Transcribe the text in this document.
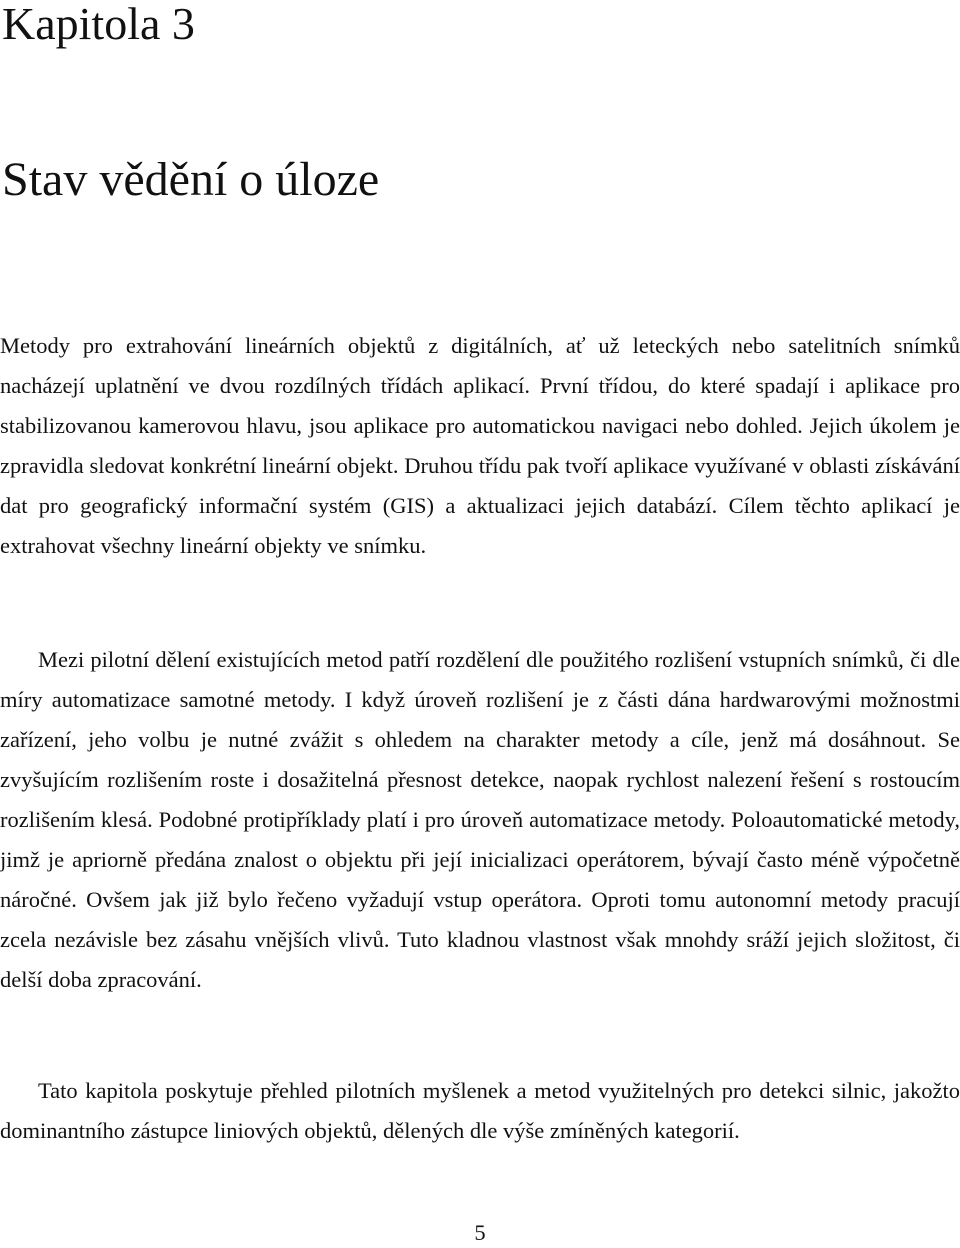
Kapitola 3
Stav vědění o úloze

Metody pro extrahování lineárních objektů z digitálních, ať už leteckých nebo satelitních snímků nacházejí uplatnění ve dvou rozdílných třídách aplikací. První třídou, do které spadají i aplikace pro stabilizovanou kamerovou hlavu, jsou aplikace pro automatickou navigaci nebo dohled. Jejich úkolem je zpravidla sledovat konkrétní lineární objekt. Druhou třídu pak tvoří aplikace využívané v oblasti získávání dat pro geografický informační systém (GIS) a aktualizaci jejich databází. Cílem těchto aplikací je extrahovat všechny lineární objekty ve snímku.

Mezi pilotní dělení existujících metod patří rozdělení dle použitého rozlišení vstupních snímků, či dle míry automatizace samotné metody. I když úroveň rozlišení je z části dána hardwarovými možnostmi zařízení, jeho volbu je nutné zvážit s ohledem na charakter metody a cíle, jenž má dosáhnout. Se zvyšujícím rozlišením roste i dosažitelná přesnost detekce, naopak rychlost nalezení řešení s rostoucím rozlišením klesá. Podobné protipříklady platí i pro úroveň automatizace metody. Poloautomatické metody, jimž je apriorně předána znalost o objektu při její inicializaci operátorem, bývají často méně výpočetně náročné. Ovšem jak již bylo řečeno vyžadují vstup operátora. Oproti tomu autonomní metody pracují zcela nezávisle bez zásahu vnějších vlivů. Tuto kladnou vlastnost však mnohdy sráží jejich složitost, či delší doba zpracování.

Tato kapitola poskytuje přehled pilotních myšlenek a metod využitelných pro detekci silnic, jakožto dominantního zástupce liniových objektů, dělených dle výše zmíněných kategorií.

5
